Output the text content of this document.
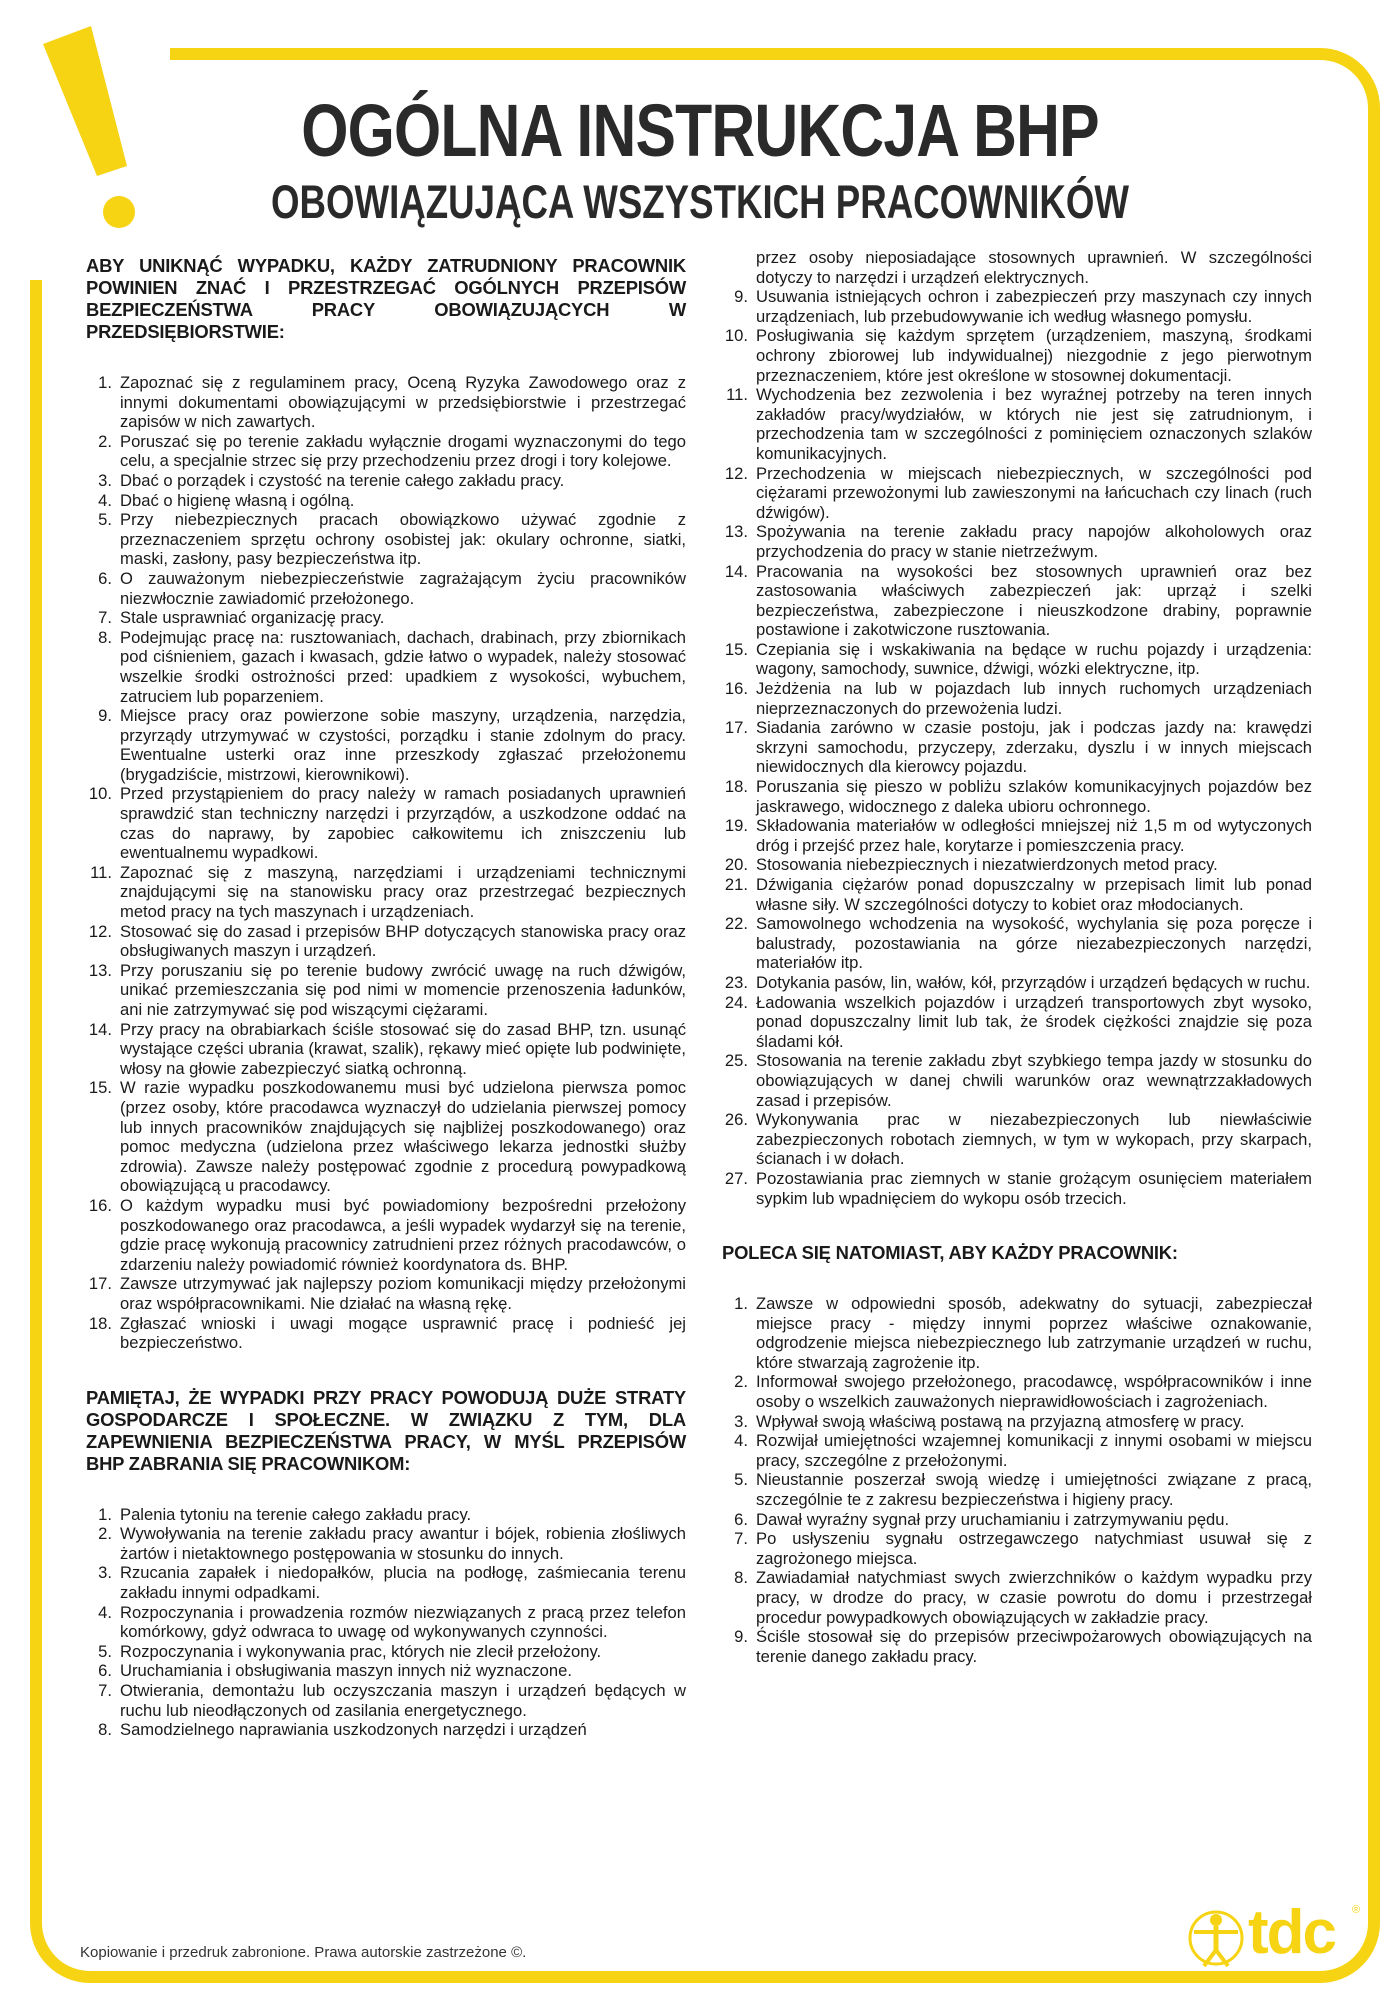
OGÓLNA INSTRUKCJA BHP
OBOWIĄZUJĄCA WSZYSTKICH PRACOWNIKÓW
ABY UNIKNĄĆ WYPADKU, KAŻDY ZATRUDNIONY PRACOWNIK POWINIEN ZNAĆ I PRZESTRZEGAĆ OGÓLNYCH PRZEPISÓW BEZPIECZEŃSTWA PRACY OBOWIĄZUJĄCYCH W PRZEDSIĘBIORSTWIE:
1. Zapoznać się z regulaminem pracy, Oceną Ryzyka Zawodowego oraz z innymi dokumentami obowiązującymi w przedsiębiorstwie i przestrzegać zapisów w nich zawartych.
2. Poruszać się po terenie zakładu wyłącznie drogami wyznaczonymi do tego celu, a specjalnie strzec się przy przechodzeniu przez drogi i tory kolejowe.
3. Dbać o porządek i czystość na terenie całego zakładu pracy.
4. Dbać o higienę własną i ogólną.
5. Przy niebezpiecznych pracach obowiązkowo używać zgodnie z przeznaczeniem sprzętu ochrony osobistej jak: okulary ochronne, siatki, maski, zasłony, pasy bezpieczeństwa itp.
6. O zauważonym niebezpieczeństwie zagrażającym życiu pracowników niezwłocznie zawiadomić przełożonego.
7. Stale usprawniać organizację pracy.
8. Podejmując pracę na: rusztowaniach, dachach, drabinach, przy zbiornikach pod ciśnieniem, gazach i kwasach, gdzie łatwo o wypadek, należy stosować wszelkie środki ostrożności przed: upadkiem z wysokości, wybuchem, zatruciem lub poparzeniem.
9. Miejsce pracy oraz powierzone sobie maszyny, urządzenia, narzędzia, przyrządy utrzymywać w czystości, porządku i stanie zdolnym do pracy. Ewentualne usterki oraz inne przeszkody zgłaszać przełożonemu (brygadziście, mistrzowi, kierownikowi).
10. Przed przystąpieniem do pracy należy w ramach posiadanych uprawnień sprawdzić stan techniczny narzędzi i przyrządów, a uszkodzone oddać na czas do naprawy, by zapobiec całkowitemu ich zniszczeniu lub ewentualnemu wypadkowi.
11. Zapoznać się z maszyną, narzędziami i urządzeniami technicznymi znajdującymi się na stanowisku pracy oraz przestrzegać bezpiecznych metod pracy na tych maszynach i urządzeniach.
12. Stosować się do zasad i przepisów BHP dotyczących stanowiska pracy oraz obsługiwanych maszyn i urządzeń.
13. Przy poruszaniu się po terenie budowy zwrócić uwagę na ruch dźwigów, unikać przemieszczania się pod nimi w momencie przenoszenia ładunków, ani nie zatrzymywać się pod wiszącymi ciężarami.
14. Przy pracy na obrabiarkach ściśle stosować się do zasad BHP, tzn. usunąć wystające części ubrania (krawat, szalik), rękawy mieć opięte lub podwinięte, włosy na głowie zabezpieczyć siatką ochronną.
15. W razie wypadku poszkodowanemu musi być udzielona pierwsza pomoc (przez osoby, które pracodawca wyznaczył do udzielania pierwszej pomocy lub innych pracowników znajdujących się najbliżej poszkodowanego) oraz pomoc medyczna (udzielona przez właściwego lekarza jednostki służby zdrowia). Zawsze należy postępować zgodnie z procedurą powypadkową obowiązującą u pracodawcy.
16. O każdym wypadku musi być powiadomiony bezpośredni przełożony poszkodowanego oraz pracodawca, a jeśli wypadek wydarzył się na terenie, gdzie pracę wykonują pracownicy zatrudnieni przez różnych pracodawców, o zdarzeniu należy powiadomić również koordynatora ds. BHP.
17. Zawsze utrzymywać jak najlepszy poziom komunikacji między przełożonymi oraz współpracownikami. Nie działać na własną rękę.
18. Zgłaszać wnioski i uwagi mogące usprawnić pracę i podnieść jej bezpieczeństwo.
PAMIĘTAJ, ŻE WYPADKI PRZY PRACY POWODUJĄ DUŻE STRATY GOSPODARCZE I SPOŁECZNE. W ZWIĄZKU Z TYM, DLA ZAPEWNIENIA BEZPIECZEŃSTWA PRACY, W MYŚL PRZEPISÓW BHP ZABRANIA SIĘ PRACOWNIKOM:
1. Palenia tytoniu na terenie całego zakładu pracy.
2. Wywoływania na terenie zakładu pracy awantur i bójek, robienia złośliwych żartów i nietaktownego postępowania w stosunku do innych.
3. Rzucania zapałek i niedopałków, plucia na podłogę, zaśmiecania terenu zakładu innymi odpadkami.
4. Rozpoczynania i prowadzenia rozmów niezwiązanych z pracą przez telefon komórkowy, gdyż odwraca to uwagę od wykonywanych czynności.
5. Rozpoczynania i wykonywania prac, których nie zlecił przełożony.
6. Uruchamiania i obsługiwania maszyn innych niż wyznaczone.
7. Otwierania, demontażu lub oczyszczania maszyn i urządzeń będących w ruchu lub nieodłączonych od zasilania energetycznego.
8. Samodzielnego naprawiania uszkodzonych narzędzi i urządzeń
przez osoby nieposiadające stosownych uprawnień. W szczególności dotyczy to narzędzi i urządzeń elektrycznych.
9. Usuwania istniejących ochron i zabezpieczeń przy maszynach czy innych urządzeniach, lub przebudowywanie ich według własnego pomysłu.
10. Posługiwania się każdym sprzętem (urządzeniem, maszyną, środkami ochrony zbiorowej lub indywidualnej) niezgodnie z jego pierwotnym przeznaczeniem, które jest określone w stosownej dokumentacji.
11. Wychodzenia bez zezwolenia i bez wyraźnej potrzeby na teren innych zakładów pracy/wydziałów, w których nie jest się zatrudnionym, i przechodzenia tam w szczególności z pominięciem oznaczonych szlaków komunikacyjnych.
12. Przechodzenia w miejscach niebezpiecznych, w szczególności pod ciężarami przewożonymi lub zawieszonymi na łańcuchach czy linach (ruch dźwigów).
13. Spożywania na terenie zakładu pracy napojów alkoholowych oraz przychodzenia do pracy w stanie nietrzeźwym.
14. Pracowania na wysokości bez stosownych uprawnień oraz bez zastosowania właściwych zabezpieczeń jak: uprząż i szelki bezpieczeństwa, zabezpieczone i nieuszkodzone drabiny, poprawnie postawione i zakotwiczone rusztowania.
15. Czepiania się i wskakiwania na będące w ruchu pojazdy i urządzenia: wagony, samochody, suwnice, dźwigi, wózki elektryczne, itp.
16. Jeżdżenia na lub w pojazdach lub innych ruchomych urządzeniach nieprzeznaczonych do przewożenia ludzi.
17. Siadania zarówno w czasie postoju, jak i podczas jazdy na: krawędzi skrzyni samochodu, przyczepy, zderzaku, dyszlu i w innych miejscach niewidocznych dla kierowcy pojazdu.
18. Poruszania się pieszo w pobliżu szlaków komunikacyjnych pojazdów bez jaskrawego, widocznego z daleka ubioru ochronnego.
19. Składowania materiałów w odległości mniejszej niż 1,5 m od wytyczonych dróg i przejść przez hale, korytarze i pomieszczenia pracy.
20. Stosowania niebezpiecznych i niezatwierdzonych metod pracy.
21. Dźwigania ciężarów ponad dopuszczalny w przepisach limit lub ponad własne siły. W szczególności dotyczy to kobiet oraz młodocianych.
22. Samowolnego wchodzenia na wysokość, wychylania się poza poręcze i balustrady, pozostawiania na górze niezabezpieczonych narzędzi, materiałów itp.
23. Dotykania pasów, lin, wałów, kół, przyrządów i urządzeń będących w ruchu.
24. Ładowania wszelkich pojazdów i urządzeń transportowych zbyt wysoko, ponad dopuszczalny limit lub tak, że środek ciężkości znajdzie się poza śladami kół.
25. Stosowania na terenie zakładu zbyt szybkiego tempa jazdy w stosunku do obowiązujących w danej chwili warunków oraz wewnątrzzakładowych zasad i przepisów.
26. Wykonywania prac w niezabezpieczonych lub niewłaściwie zabezpieczonych robotach ziemnych, w tym w wykopach, przy skarpach, ścianach i w dołach.
27. Pozostawiania prac ziemnych w stanie grożącym osunięciem materiałem sypkim lub wpadnięciem do wykopu osób trzecich.
POLECA SIĘ NATOMIAST, ABY KAŻDY PRACOWNIK:
1. Zawsze w odpowiedni sposób, adekwatny do sytuacji, zabezpieczał miejsce pracy - między innymi poprzez właściwe oznakowanie, odgrodzenie miejsca niebezpiecznego lub zatrzymanie urządzeń w ruchu, które stwarzają zagrożenie itp.
2. Informował swojego przełożonego, pracodawcę, współpracowników i inne osoby o wszelkich zauważonych nieprawidłowościach i zagrożeniach.
3. Wpływał swoją właściwą postawą na przyjazną atmosferę w pracy.
4. Rozwijał umiejętności wzajemnej komunikacji z innymi osobami w miejscu pracy, szczególne z przełożonymi.
5. Nieustannie poszerzał swoją wiedzę i umiejętności związane z pracą, szczególnie te z zakresu bezpieczeństwa i higieny pracy.
6. Dawał wyraźny sygnał przy uruchamianiu i zatrzymywaniu pędu.
7. Po usłyszeniu sygnału ostrzegawczego natychmiast usuwał się z zagrożonego miejsca.
8. Zawiadamiał natychmiast swych zwierzchników o każdym wypadku przy pracy, w drodze do pracy, w czasie powrotu do domu i przestrzegał procedur powypadkowych obowiązujących w zakładzie pracy.
9. Ściśle stosował się do przepisów przeciwpożarowych obowiązujących na terenie danego zakładu pracy.
Kopiowanie i przedruk zabronione. Prawa autorskie zastrzeżone ©.	tdc ®
